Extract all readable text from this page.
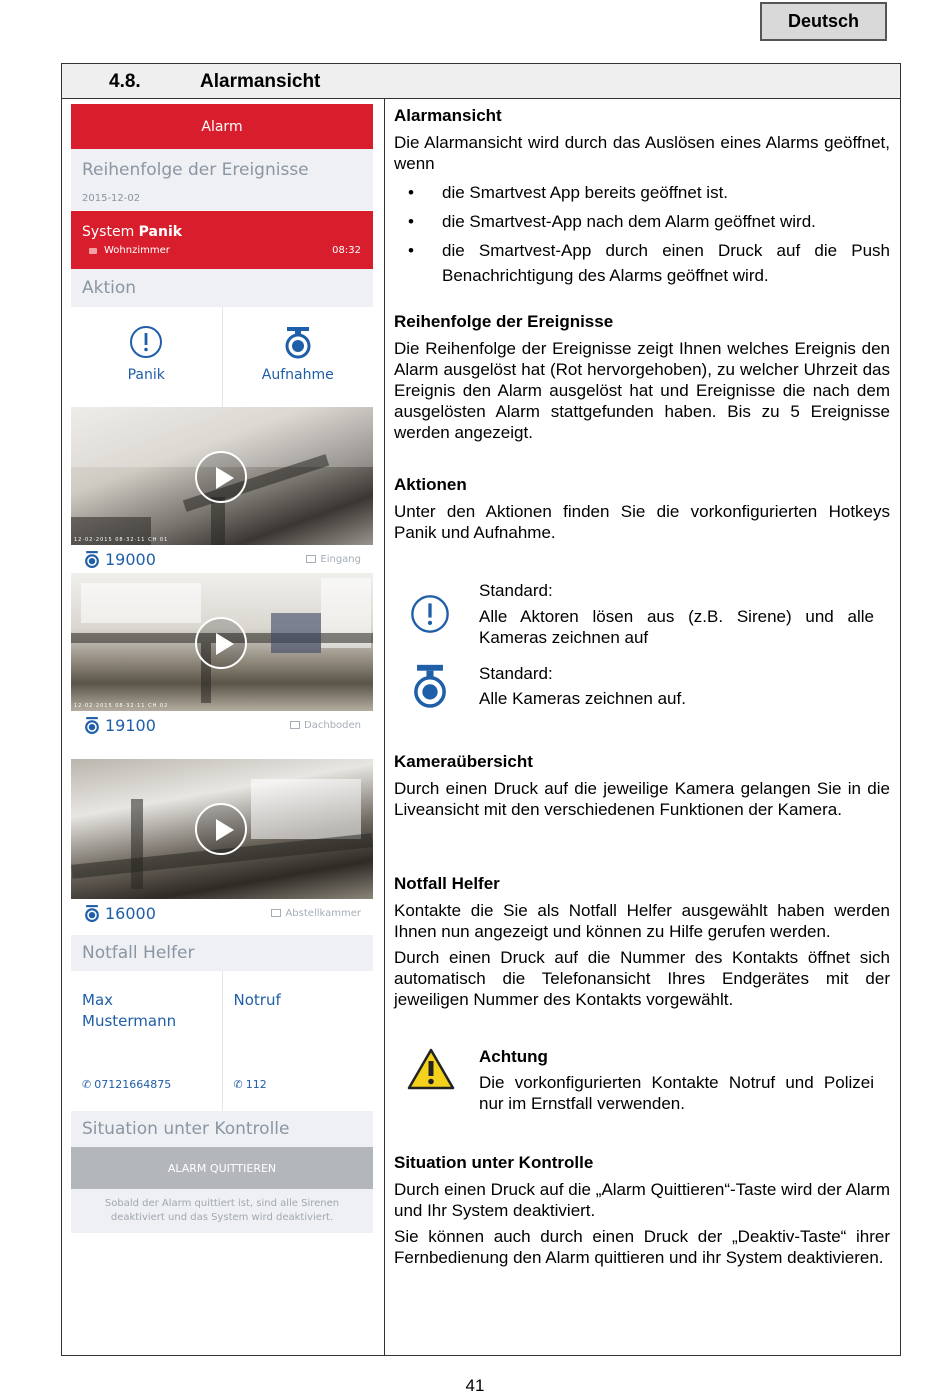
Deutsch
4.8.	Alarmansicht
Alarm
Reihenfolge der Ereignisse
2015-12-02
System Panik
Wohnzimmer	08:32
Aktion
Panik	Aufnahme
12·02·2015 08·32·11 CH 01
19000	Eingang
12·02·2015 08·32·11 CH 02
19100	Dachboden
16000	Abstellkammer
Notfall Helfer
Max Mustermann
✆ 07121664875
Notruf
✆ 112
Situation unter Kontrolle
ALARM QUITTIEREN
Sobald der Alarm quittiert ist, sind alle Sirenen
deaktiviert und das System wird deaktiviert.
Alarmansicht

Die Alarmansicht wird durch das Auslösen eines Alarms geöffnet, wenn

• die Smartvest App bereits geöffnet ist.
• die Smartvest-App nach dem Alarm geöffnet wird.
• die Smartvest-App durch einen Druck auf die Push Benachrichtigung des Alarms geöffnet wird.
Reihenfolge der Ereignisse

Die Reihenfolge der Ereignisse zeigt Ihnen welches Ereignis den Alarm ausgelöst hat (Rot hervorgehoben), zu welcher Uhrzeit das Ereignis den Alarm ausgelöst hat und Ereignisse die nach dem ausgelösten Alarm stattgefunden haben. Bis zu 5 Ereignisse werden angezeigt.

Aktionen

Unter den Aktionen finden Sie die vorkonfigurierten Hotkeys Panik und Aufnahme.

Standard:
Alle Aktoren lösen aus (z.B. Sirene) und alle Kameras zeichnen auf
Standard:
Alle Kameras zeichnen auf.
Kameraübersicht

Durch einen Druck auf die jeweilige Kamera gelangen Sie in die Liveansicht mit den verschiedenen Funktionen der Kamera.

Notfall Helfer

Kontakte die Sie als Notfall Helfer ausgewählt haben werden Ihnen nun angezeigt und können zu Hilfe gerufen werden.

Durch einen Druck auf die Nummer des Kontakts öffnet sich automatisch die Telefonansicht Ihres Endgerätes mit der jeweiligen Nummer des Kontakts vorgewählt.

Achtung
Die vorkonfigurierten Kontakte Notruf und Polizei nur im Ernstfall verwenden.
Situation unter Kontrolle

Durch einen Druck auf die „Alarm Quittieren“-Taste wird der Alarm und Ihr System deaktiviert.

Sie können auch durch einen Druck der „Deaktiv-Taste“ ihrer Fernbedienung den Alarm quittieren und ihr System deaktivieren.

41
